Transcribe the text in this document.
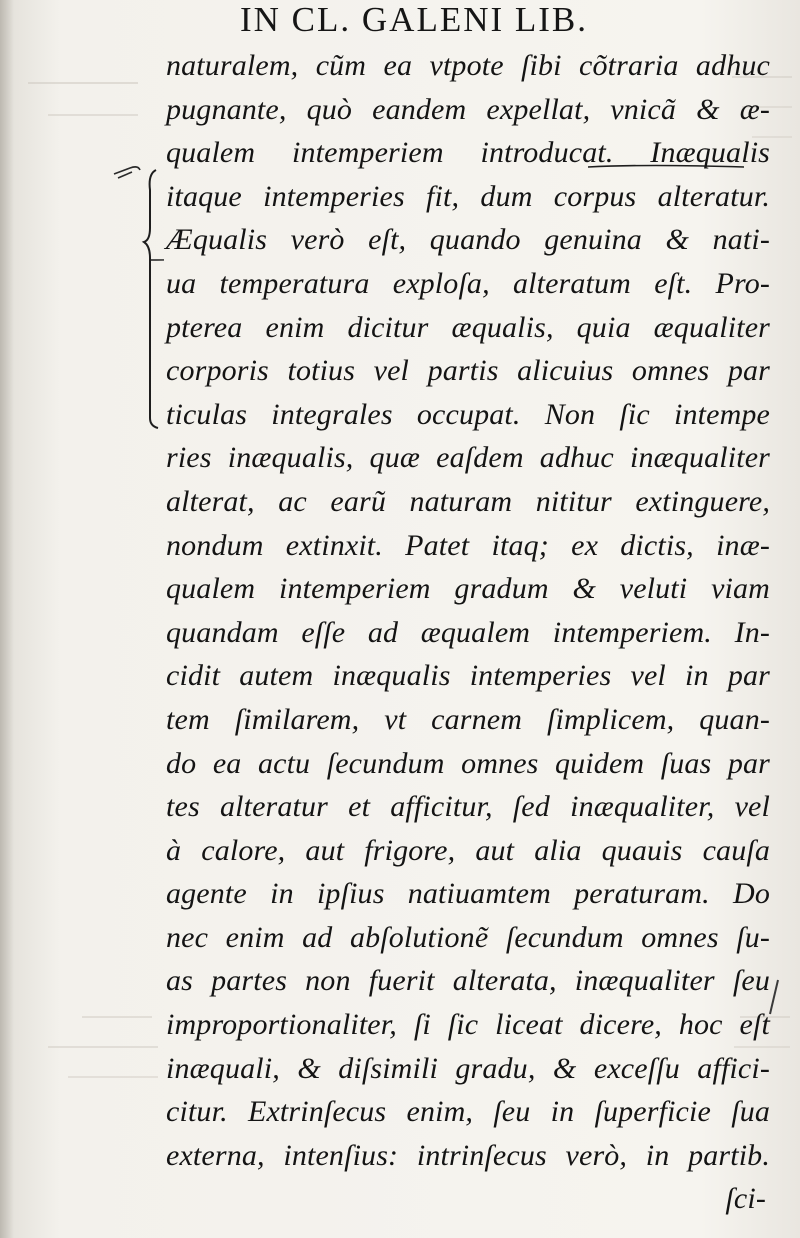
IN CL. GALENI LIB.
naturalem, cũm ea vtpote ſibi cõtraria adhuc
pugnante, quò eandem expellat, vnicã & æ-
qualem intemperiem introducat. Inæqualis
itaque intemperies fit, dum corpus alteratur.
Æqualis verò eſt, quando genuina & nati-
ua temperatura exploſa, alteratum eſt. Pro-
pterea enim dicitur æqualis, quia æqualiter
corporis totius vel partis alicuius omnes par
ticulas integrales occupat. Non ſic intempe
ries inæqualis, quæ eaſdem adhuc inæqualiter
alterat, ac earũ naturam nititur extinguere,
nondum extinxit. Patet itaq; ex dictis, inæ-
qualem intemperiem gradum & veluti viam
quandam eſſe ad æqualem intemperiem. In-
cidit autem inæqualis intemperies vel in par
tem ſimilarem, vt carnem ſimplicem, quan-
do ea actu ſecundum omnes quidem ſuas par
tes alteratur et afficitur, ſed inæqualiter, vel
à calore, aut frigore, aut alia quauis cauſa
agente in ipſius natiuamtem peraturam. Do
nec enim ad abſolutionẽ ſecundum omnes ſu-
as partes non fuerit alterata, inæqualiter ſeu
improportionaliter, ſi ſic liceat dicere, hoc eſt
inæquali, & diſsimili gradu, & exceſſu affici-
citur. Extrinſecus enim, ſeu in ſuperficie ſua
externa, intenſius: intrinſecus verò, in partib.
ſci-
